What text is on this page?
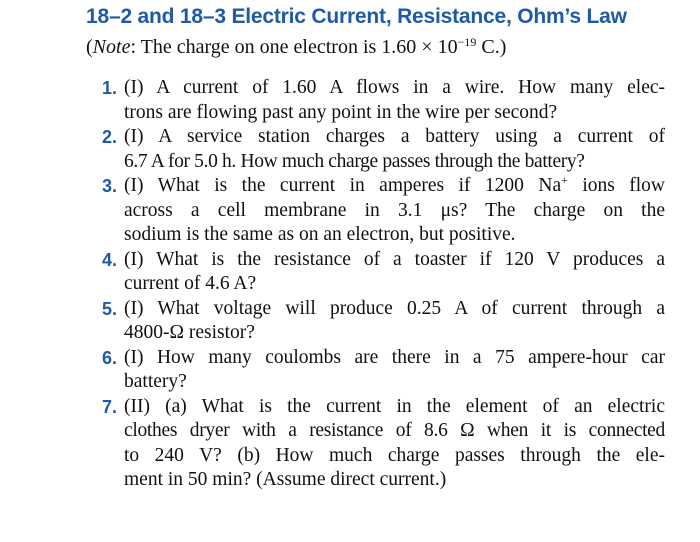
18–2 and 18–3 Electric Current, Resistance, Ohm’s Law
(Note: The charge on one electron is $1.60 \times 10^{-19}$ C.)
1. (I) A current of 1.60 A flows in a wire. How many elec-
trons are flowing past any point in the wire per second?
2. (I) A service station charges a battery using a current of
6.7 A for 5.0 h. How much charge passes through the battery?
3. (I) What is the current in amperes if 1200 Na+ ions flow
across a cell membrane in 3.1 μs? The charge on the
sodium is the same as on an electron, but positive.
4. (I) What is the resistance of a toaster if 120 V produces a
current of 4.6 A?
5. (I) What voltage will produce 0.25 A of current through a
4800-Ω resistor?
6. (I) How many coulombs are there in a 75 ampere-hour car
battery?
7. (II) (a) What is the current in the element of an electric
clothes dryer with a resistance of 8.6 Ω when it is connected
to 240 V? (b) How much charge passes through the ele-
ment in 50 min? (Assume direct current.)
